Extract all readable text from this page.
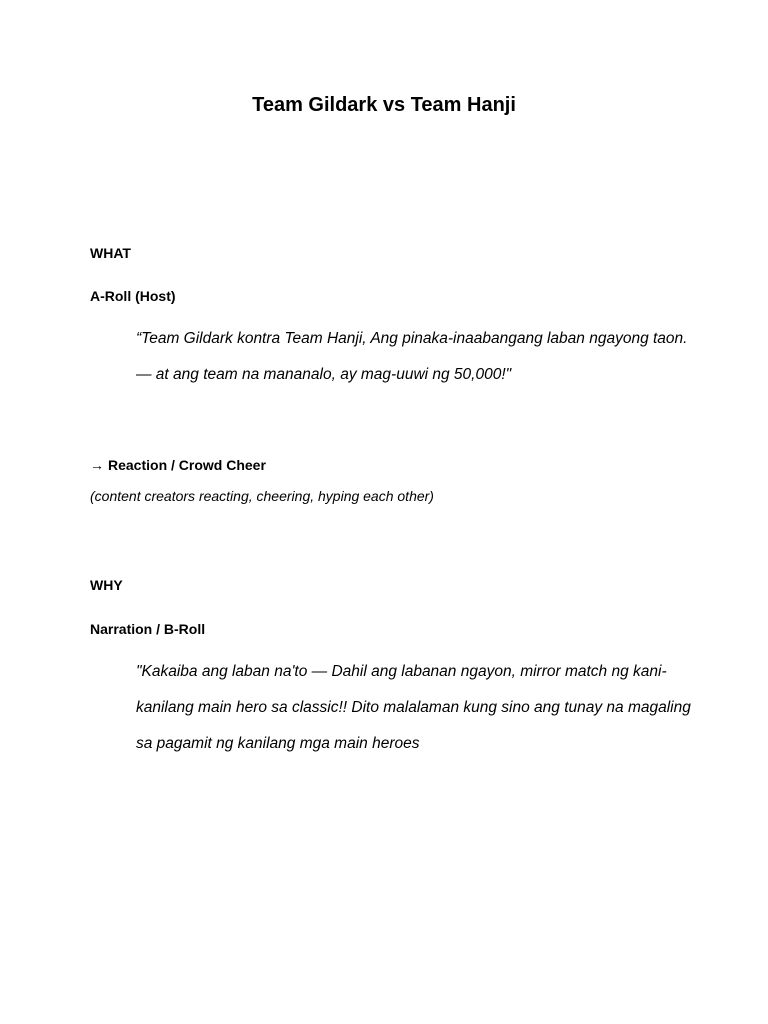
Team Gildark vs Team Hanji

WHAT

A-Roll (Host)

“Team Gildark kontra Team Hanji, Ang pinaka-inaabangang laban ngayong taon.
— at ang team na mananalo, ay mag-uuwi ng 50,000!"

→ Reaction / Crowd Cheer

(content creators reacting, cheering, hyping each other)

WHY

Narration / B-Roll

"Kakaiba ang laban na'to — Dahil ang labanan ngayon, mirror match ng kani-
kanilang main hero sa classic!! Dito malalaman kung sino ang tunay na magaling
sa pagamit ng kanilang mga main heroes
